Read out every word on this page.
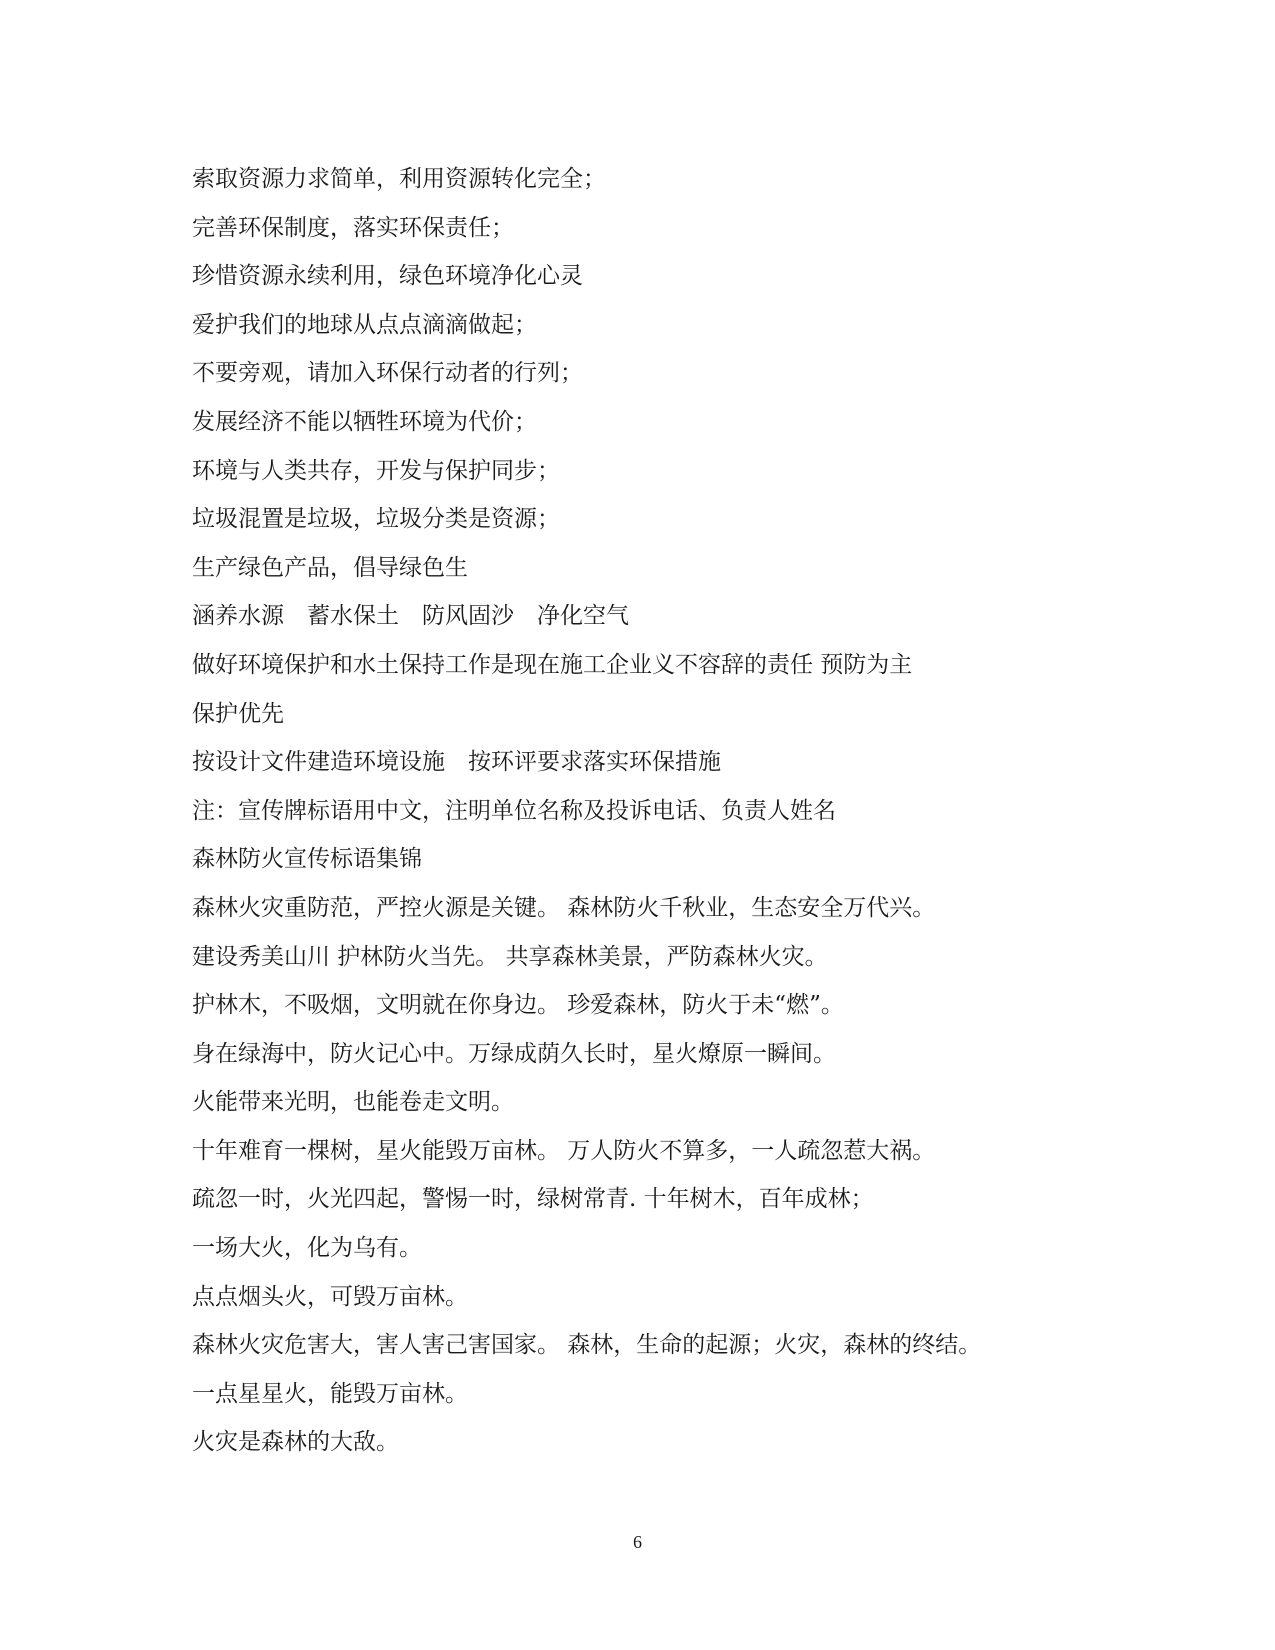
索取资源力求简单，利用资源转化完全；
完善环保制度，落实环保责任；
珍惜资源永续利用，绿色环境净化心灵
爱护我们的地球从点点滴滴做起；
不要旁观，请加入环保行动者的行列；
发展经济不能以牺牲环境为代价；
环境与人类共存，开发与保护同步；
垃圾混置是垃圾，垃圾分类是资源；
生产绿色产品，倡导绿色生
涵养水源　蓄水保土　防风固沙　净化空气
做好环境保护和水土保持工作是现在施工企业义不容辞的责任 预防为主
保护优先
按设计文件建造环境设施　按环评要求落实环保措施
注：宣传牌标语用中文，注明单位名称及投诉电话、负责人姓名
森林防火宣传标语集锦
森林火灾重防范，严控火源是关键。 森林防火千秋业，生态安全万代兴。
建设秀美山川 护林防火当先。 共享森林美景，严防森林火灾。
护林木，不吸烟，文明就在你身边。 珍爱森林，防火于未“燃”。
身在绿海中，防火记心中。万绿成荫久长时，星火燎原一瞬间。
火能带来光明，也能卷走文明。
十年难育一棵树，星火能毁万亩林。 万人防火不算多，一人疏忽惹大祸。
疏忽一时，火光四起，警惕一时，绿树常青. 十年树木，百年成林；
一场大火，化为乌有。
点点烟头火，可毁万亩林。
森林火灾危害大，害人害己害国家。 森林，生命的起源；火灾，森林的终结。
一点星星火，能毁万亩林。
火灾是森林的大敌。
6
